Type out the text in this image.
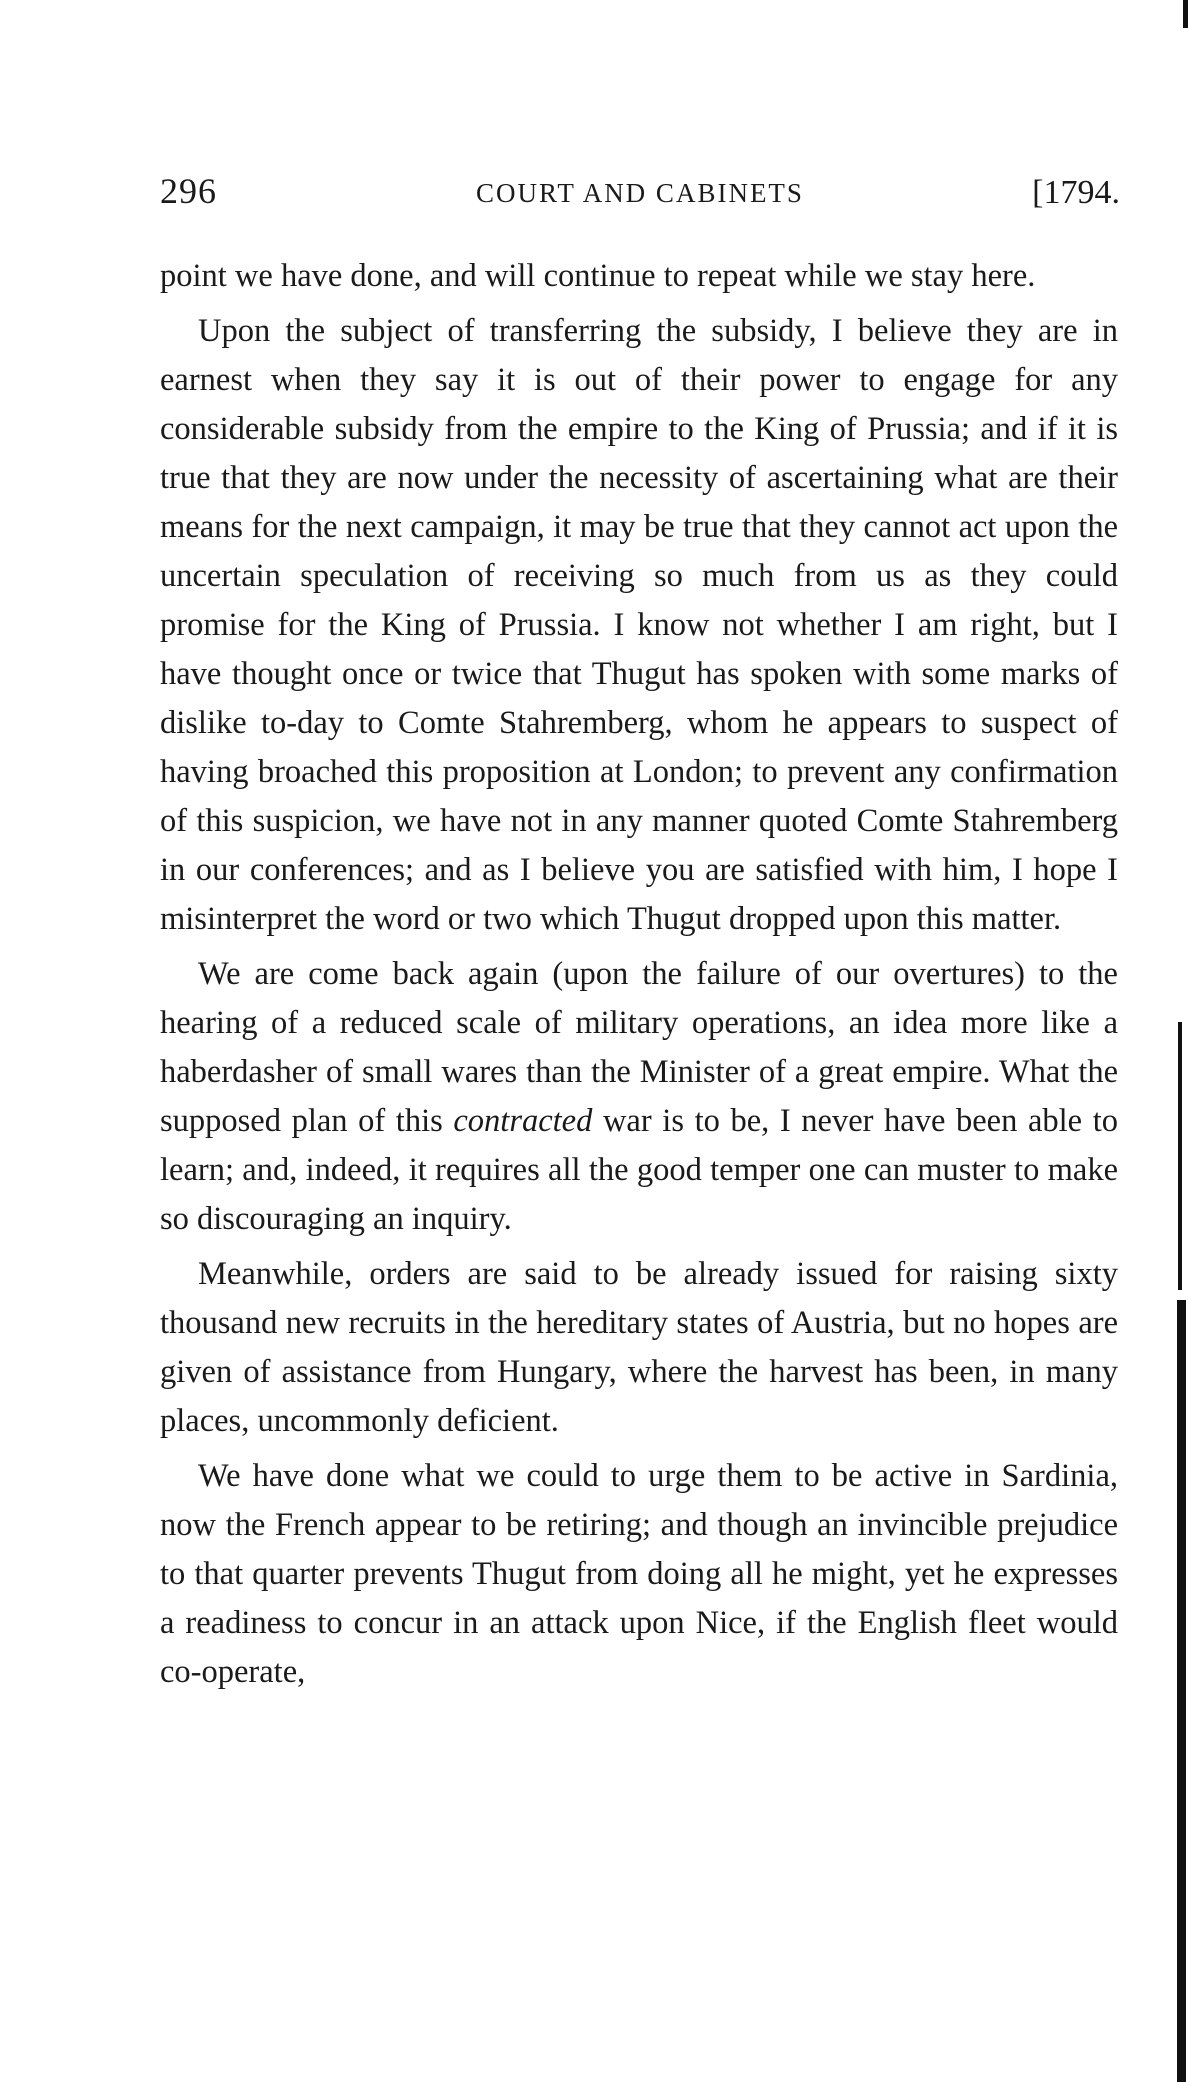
296	COURT AND CABINETS	[1794.

point we have done, and will continue to repeat while we stay here.

Upon the subject of transferring the subsidy, I believe they are in earnest when they say it is out of their power to engage for any considerable subsidy from the empire to the King of Prussia; and if it is true that they are now under the necessity of ascertaining what are their means for the next campaign, it may be true that they cannot act upon the uncertain speculation of receiving so much from us as they could promise for the King of Prussia. I know not whether I am right, but I have thought once or twice that Thugut has spoken with some marks of dislike to-day to Comte Stahremberg, whom he appears to suspect of having broached this proposition at London; to prevent any confirmation of this suspicion, we have not in any manner quoted Comte Stahremberg in our conferences; and as I believe you are satisfied with him, I hope I misinterpret the word or two which Thugut dropped upon this matter.

We are come back again (upon the failure of our overtures) to the hearing of a reduced scale of military operations, an idea more like a haberdasher of small wares than the Minister of a great empire. What the supposed plan of this contracted war is to be, I never have been able to learn; and, indeed, it requires all the good temper one can muster to make so discouraging an inquiry.

Meanwhile, orders are said to be already issued for raising sixty thousand new recruits in the hereditary states of Austria, but no hopes are given of assistance from Hungary, where the harvest has been, in many places, uncommonly deficient.

We have done what we could to urge them to be active in Sardinia, now the French appear to be retiring; and though an invincible prejudice to that quarter prevents Thugut from doing all he might, yet he expresses a readiness to concur in an attack upon Nice, if the English fleet would co-operate,
